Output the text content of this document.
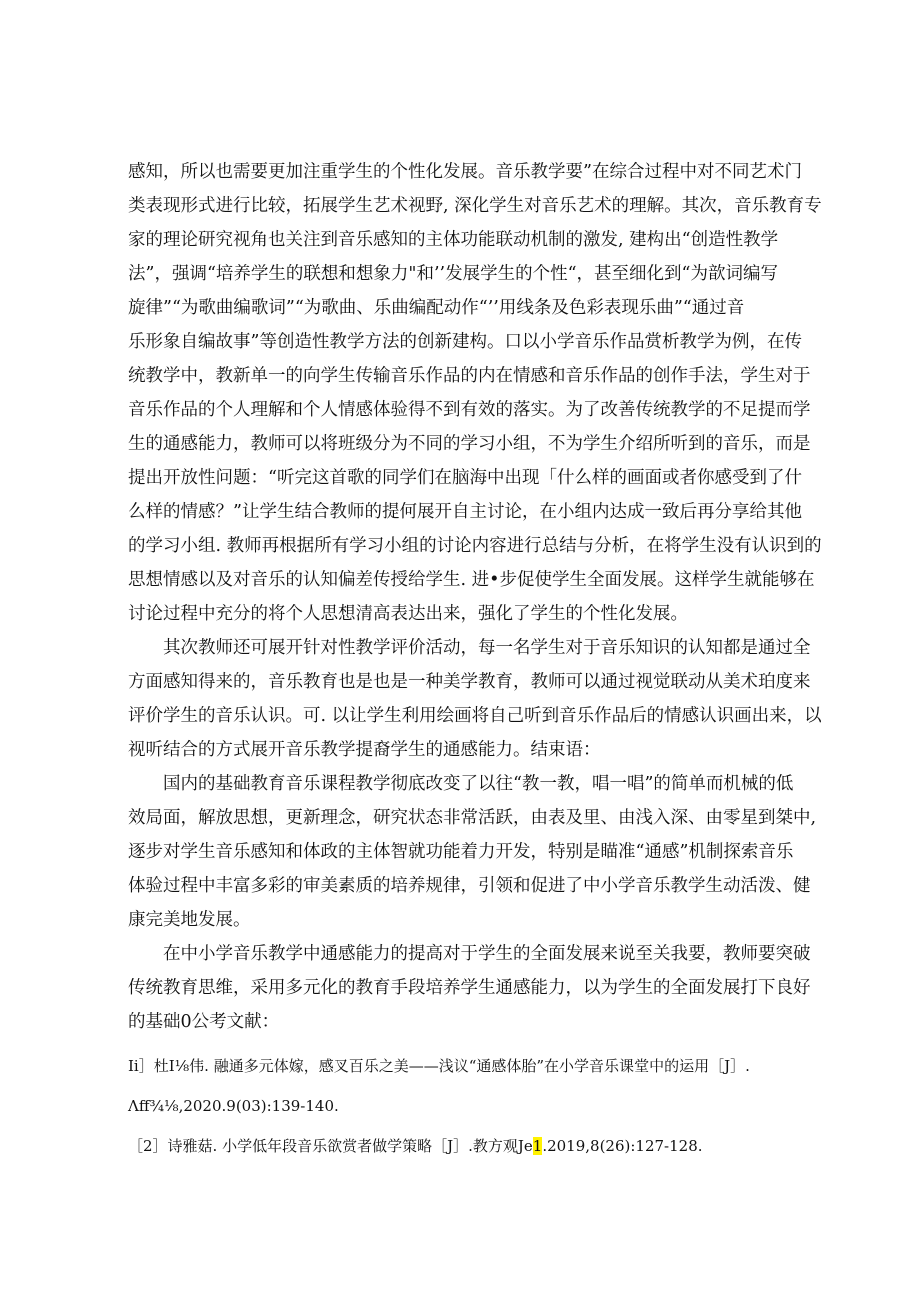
感知，所以也需要更加注重学生的个性化发展。音乐教学要”在综合过程中对不同艺术门
类表现形式进行比较，拓展学生艺术视野, 深化学生对音乐艺术的理解。其次，音乐教育专
家的理论研究视角也关注到音乐感知的主体功能联动机制的激发, 建构出“创造性教学
法”，强调“培养学生的联想和想象力"和’’发展学生的个性“，甚至细化到“为歆词编写
旋律”“为歌曲编歌词”“为歌曲、乐曲编配动作“’’用线条及色彩表现乐曲”“通过音
乐形象自编故事”等创造性教学方法的创新建构。口以小学音乐作品赏析教学为例，在传
统教学中，教新单一的向学生传输音乐作品的内在情感和音乐作品的创作手法，学生对于
音乐作品的个人理解和个人情感体验得不到有效的落实。为了改善传统教学的不足提而学
生的通感能力，教师可以将班级分为不同的学习小组，不为学生介绍所听到的音乐，而是
提出开放性问题：“听完这首歌的同学们在脑海中出现「什么样的画面或者你感受到了什
么样的情感？”让学生结合教师的提何展开自主讨论，在小组内达成一致后再分享给其他
的学习小组. 教师再根据所有学习小组的讨论内容进行总结与分析，在将学生没有认识到的
思想情感以及对音乐的认知偏差传授给学生. 进•步促使学生全面发展。这样学生就能够在
讨论过程中充分的将个人思想清高表达出来，强化了学生的个性化发展。
　　其次教师还可展开针对性教学评价活动，每一名学生对于音乐知识的认知都是通过全
方面感知得来的，音乐教育也是也是一种美学教育，教师可以通过视觉联动从美术珀度来
评价学生的音乐认识。可. 以让学生利用绘画将自己听到音乐作品后的情感认识画出来，以
视听结合的方式展开音乐教学提裔学生的通感能力。结束语：
　　国内的基础教育音乐课程教学彻底改变了以往“教一教，唱一唱”的简单而机械的低
效局面，解放思想，更新理念，研究状态非常活跃，由表及里、由浅入深、由零星到桀中,
逐步对学生音乐感知和体政的主体智就功能着力开发，特别是瞄准“通感”机制探索音乐
体验过程中丰富多彩的审美素质的培养规律，引领和促进了中小学音乐教学生动活泼、健
康完美地发展。
　　在中小学音乐教学中通感能力的提高对于学生的全面发展来说至关我要，教师要突破
传统教育思维，采用多元化的教育手段培养学生通感能力，以为学生的全面发展打下良好
的基础0公考文献：
Ii］杜I⅛伟. 融通多元体嫁，感叉百乐之美——浅议“通感体胎”在小学音乐课堂中的运用［J］.
Λff¾⅛,2020.9(03):139-140.
［2］诗雅菇. 小学低年段音乐欲赏者做学策略［J］.教方观Je1.2019,8(26):127-128.
